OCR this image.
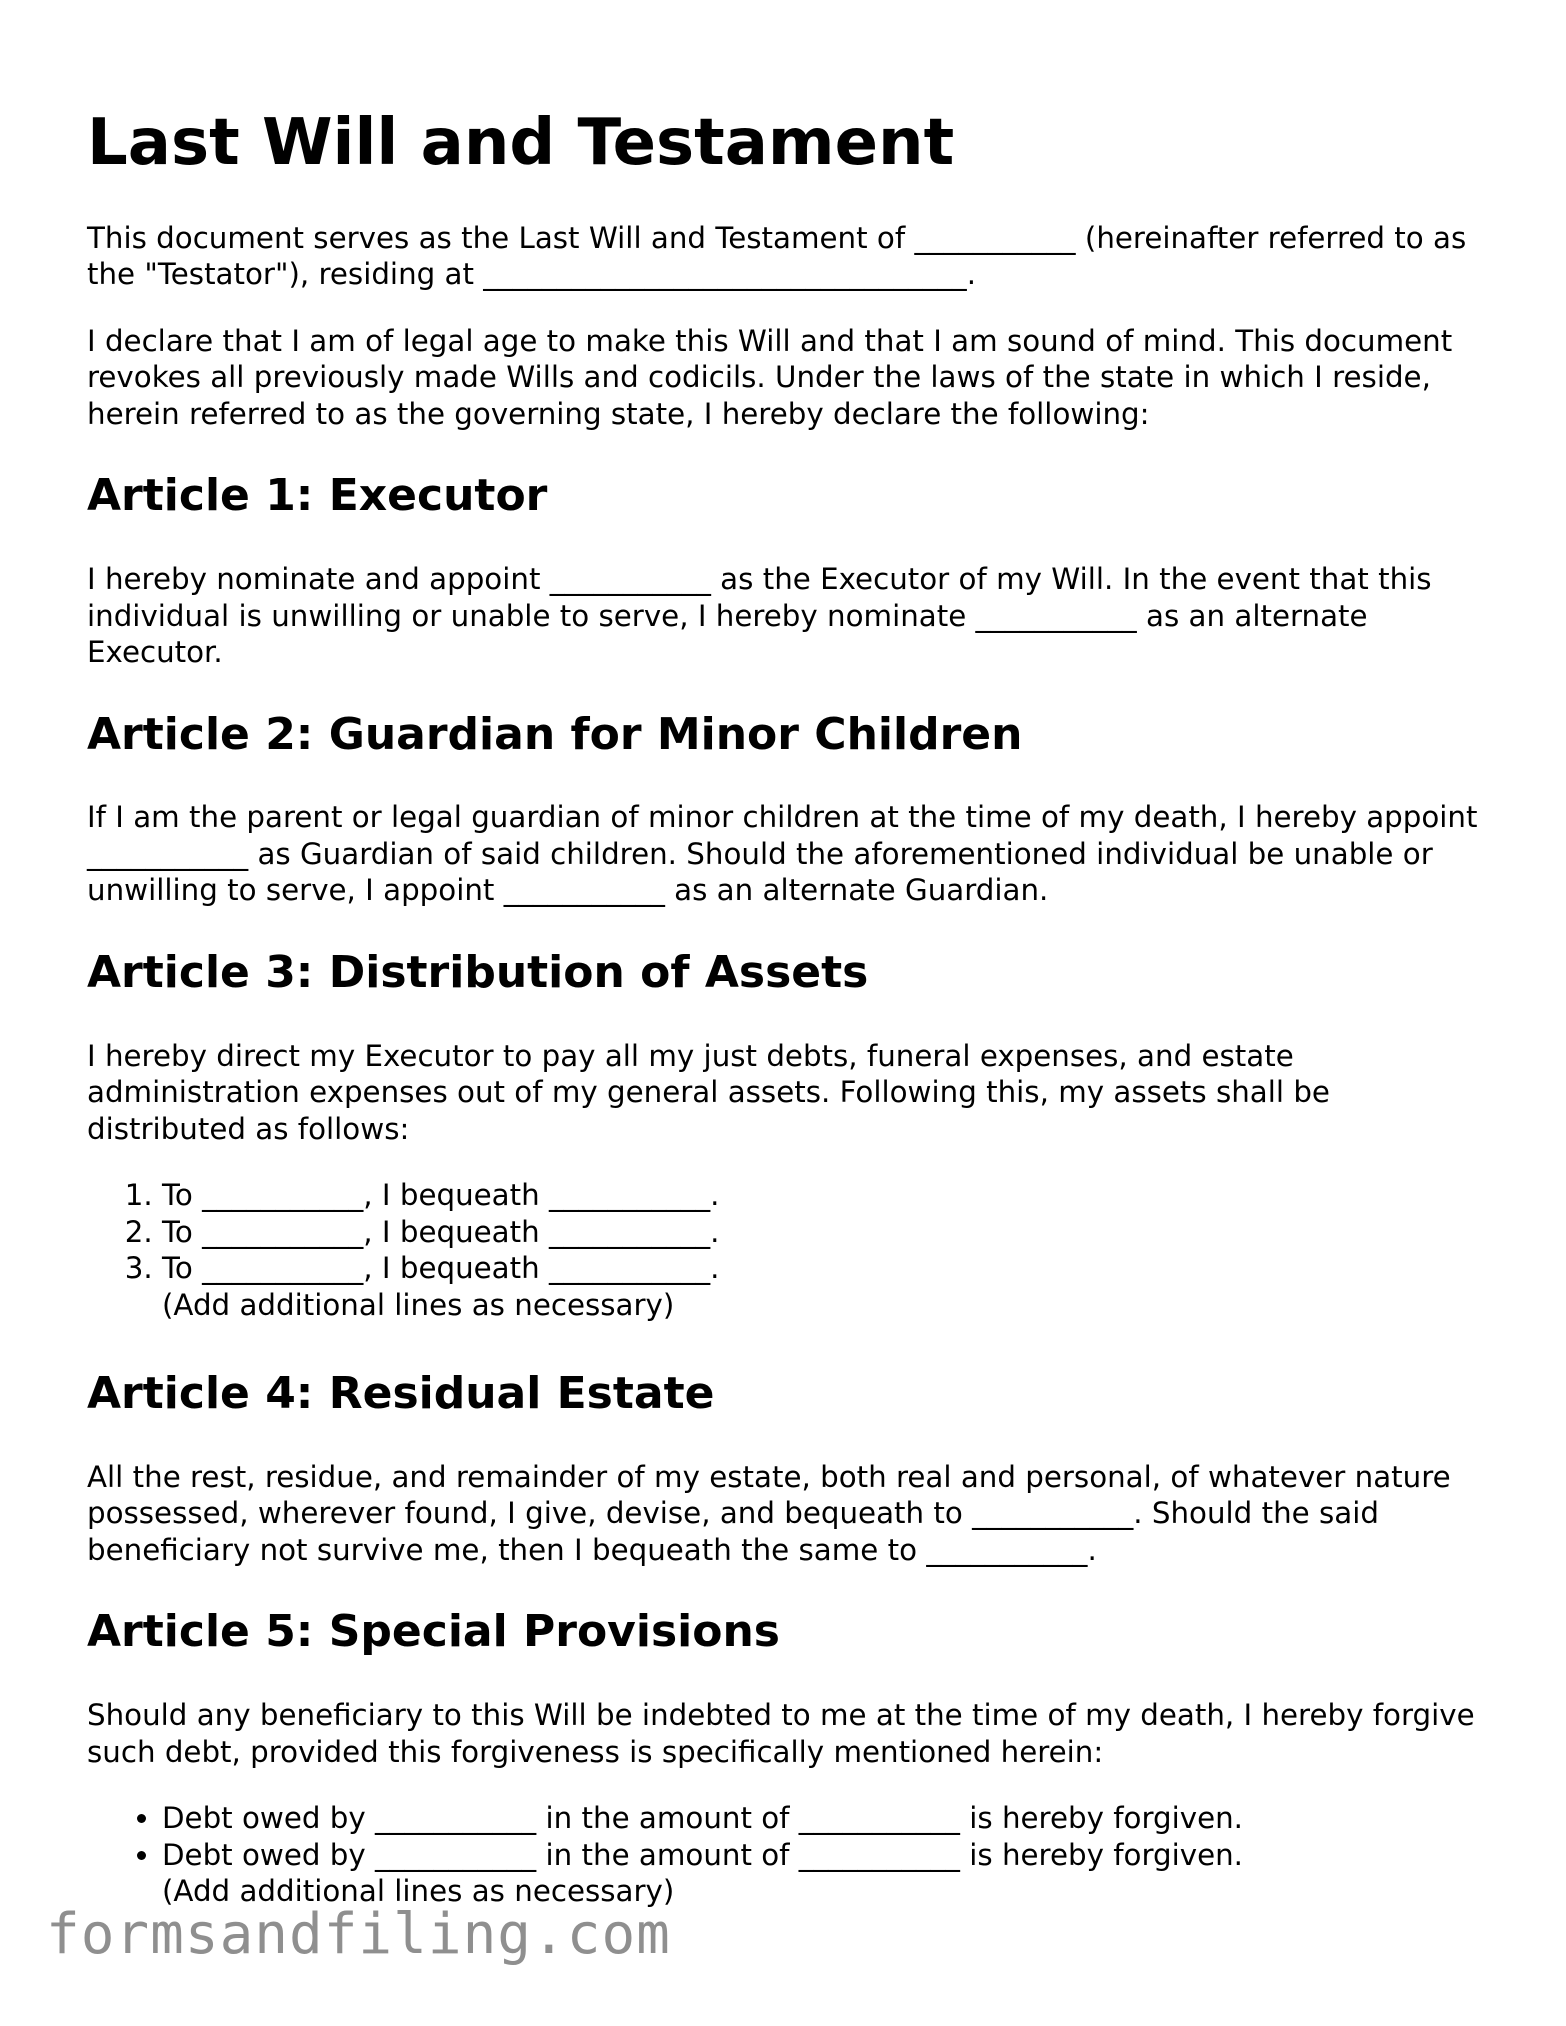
Last Will and Testament

This document serves as the Last Will and Testament of ___________ (hereinafter referred to as the "Testator"), residing at _________________________________.

I declare that I am of legal age to make this Will and that I am sound of mind. This document revokes all previously made Wills and codicils. Under the laws of the state in which I reside, herein referred to as the governing state, I hereby declare the following:

Article 1: Executor

I hereby nominate and appoint ___________ as the Executor of my Will. In the event that this individual is unwilling or unable to serve, I hereby nominate ___________ as an alternate Executor.

Article 2: Guardian for Minor Children

If I am the parent or legal guardian of minor children at the time of my death, I hereby appoint ___________ as Guardian of said children. Should the aforementioned individual be unable or unwilling to serve, I appoint ___________ as an alternate Guardian.

Article 3: Distribution of Assets

I hereby direct my Executor to pay all my just debts, funeral expenses, and estate administration expenses out of my general assets. Following this, my assets shall be distributed as follows:

1. To ___________, I bequeath ___________.
2. To ___________, I bequeath ___________.
3. To ___________, I bequeath ___________.
(Add additional lines as necessary)
Article 4: Residual Estate

All the rest, residue, and remainder of my estate, both real and personal, of whatever nature possessed, wherever found, I give, devise, and bequeath to ___________. Should the said beneficiary not survive me, then I bequeath the same to ___________.

Article 5: Special Provisions

Should any beneficiary to this Will be indebted to me at the time of my death, I hereby forgive such debt, provided this forgiveness is specifically mentioned herein:

• Debt owed by ___________ in the amount of ___________ is hereby forgiven.
• Debt owed by ___________ in the amount of ___________ is hereby forgiven.
(Add additional lines as necessary)
formsandfiling.com
